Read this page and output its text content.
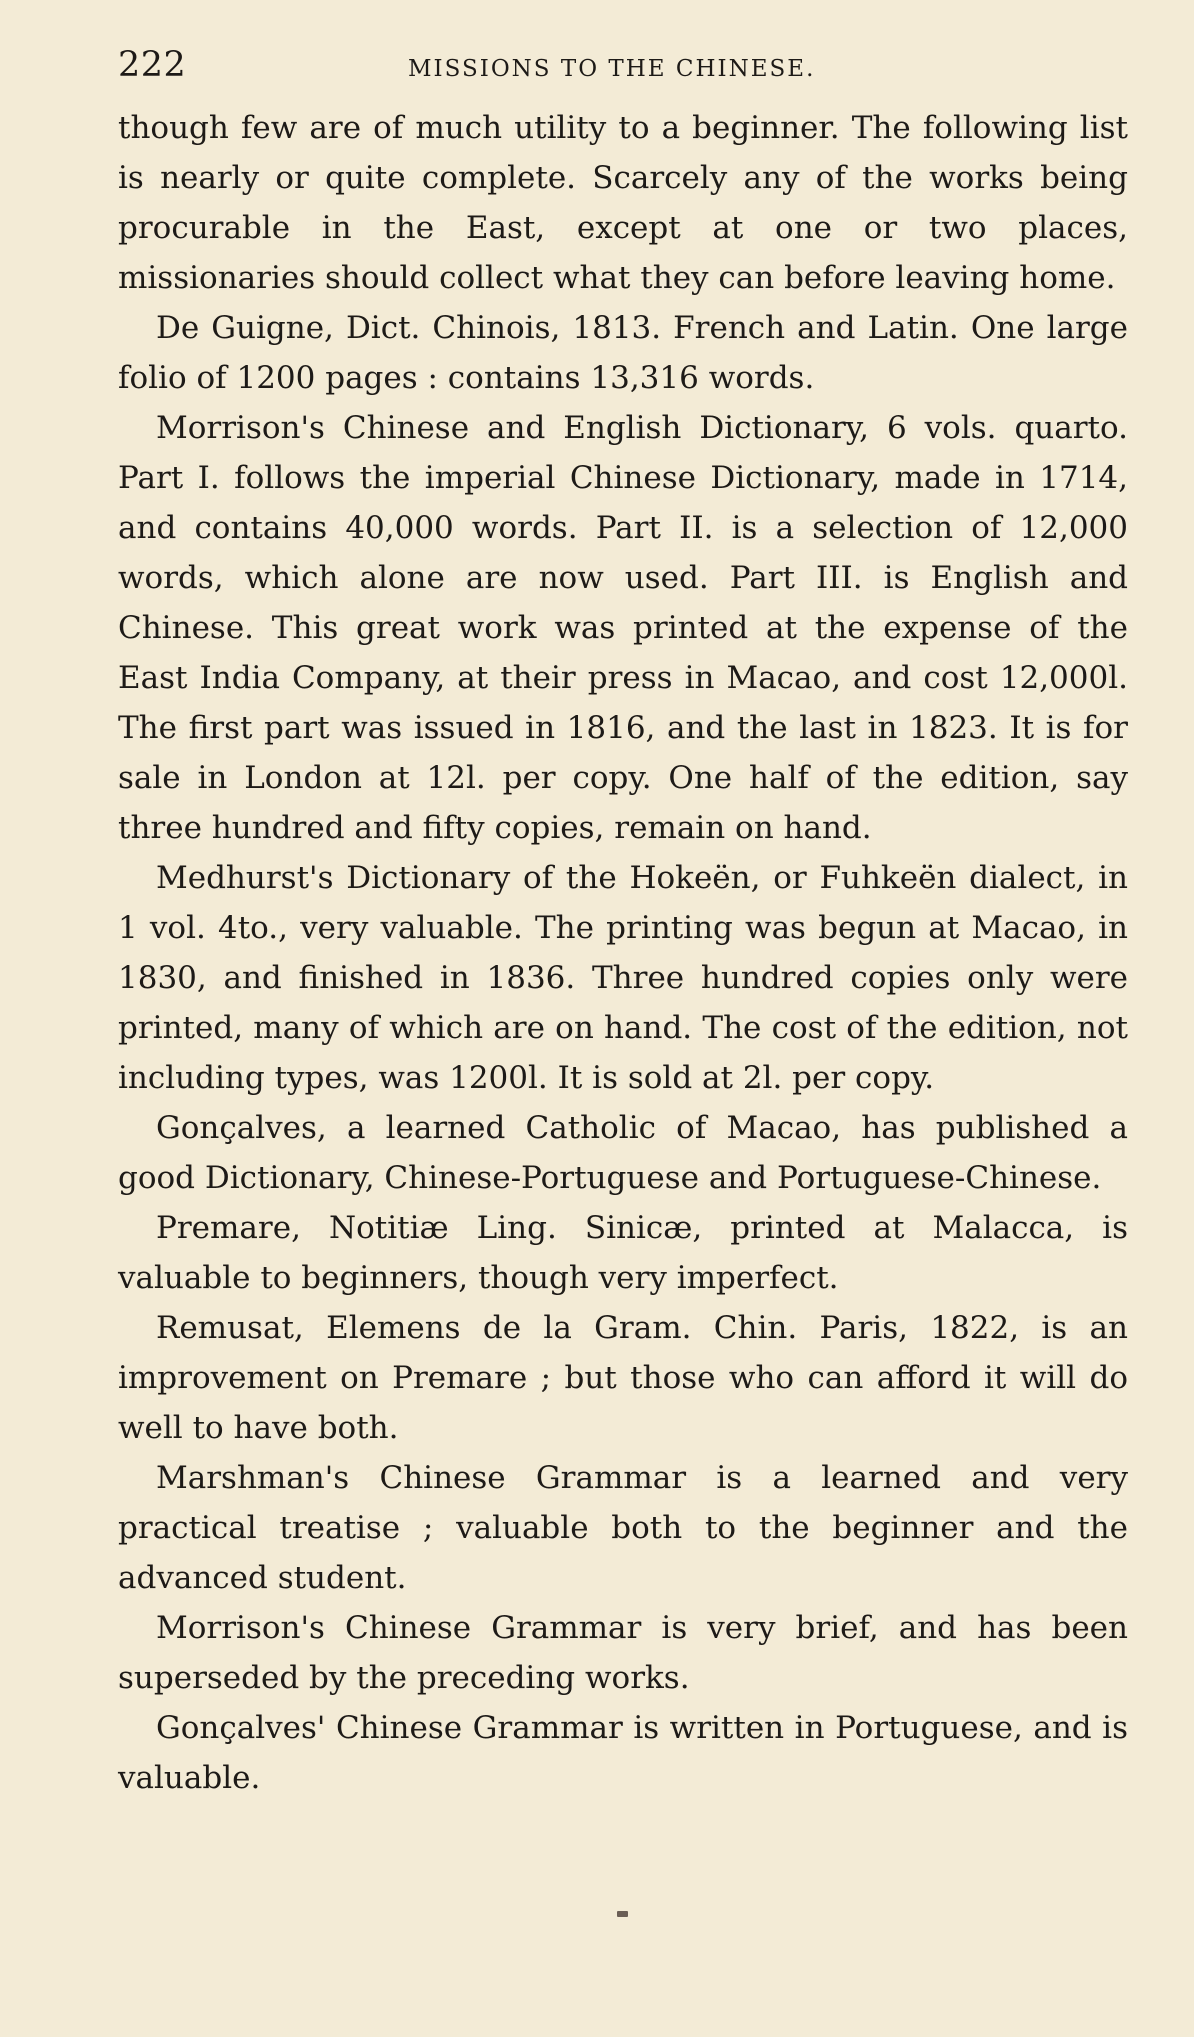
222	MISSIONS TO THE CHINESE.

though few are of much utility to a beginner. The following list is nearly or quite complete. Scarcely any of the works being procurable in the East, except at one or two places, missionaries should collect what they can before leaving home.

De Guigne, Dict. Chinois, 1813. French and Latin. One large folio of 1200 pages : contains 13,316 words.

Morrison's Chinese and English Dictionary, 6 vols. quarto. Part I. follows the imperial Chinese Dictionary, made in 1714, and contains 40,000 words. Part II. is a selection of 12,000 words, which alone are now used. Part III. is English and Chinese. This great work was printed at the expense of the East India Company, at their press in Macao, and cost 12,000l. The first part was issued in 1816, and the last in 1823. It is for sale in London at 12l. per copy. One half of the edition, say three hundred and fifty copies, remain on hand.

Medhurst's Dictionary of the Hokeën, or Fuhkeën dialect, in 1 vol. 4to., very valuable. The printing was begun at Macao, in 1830, and finished in 1836. Three hundred copies only were printed, many of which are on hand. The cost of the edition, not including types, was 1200l. It is sold at 2l. per copy.

Gonçalves, a learned Catholic of Macao, has published a good Dictionary, Chinese-Portuguese and Portuguese-Chinese.

Premare, Notitiæ Ling. Sinicæ, printed at Malacca, is valuable to beginners, though very imperfect.

Remusat, Elemens de la Gram. Chin. Paris, 1822, is an improvement on Premare ; but those who can afford it will do well to have both.

Marshman's Chinese Grammar is a learned and very practical treatise ; valuable both to the beginner and the advanced student.

Morrison's Chinese Grammar is very brief, and has been superseded by the preceding works.

Gonçalves' Chinese Grammar is written in Portuguese, and is valuable.
